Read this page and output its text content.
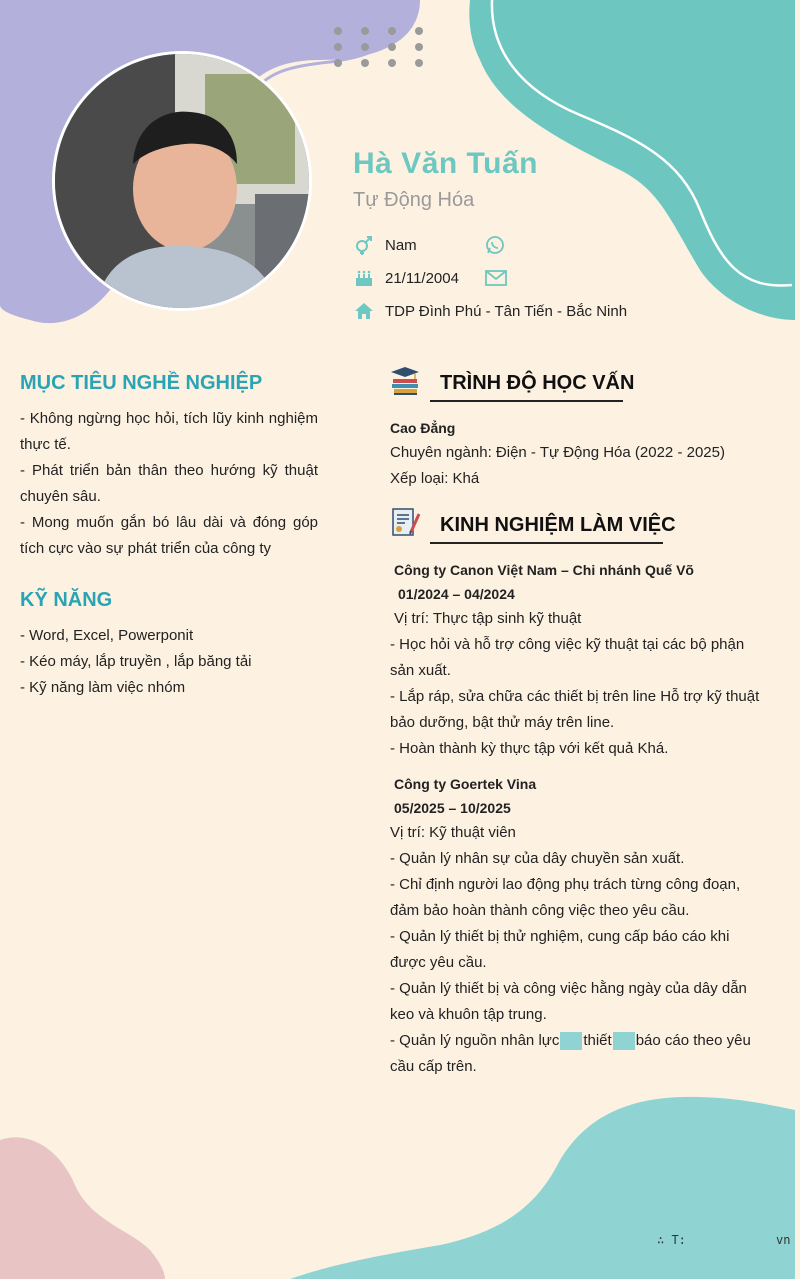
Hà Văn Tuấn
Tự Động Hóa
Nam
21/11/2004
TDP Đình Phú - Tân Tiến - Bắc Ninh
MỤC TIÊU NGHỀ NGHIỆP
- Không ngừng học hỏi, tích lũy kinh nghiệm thực tế.
- Phát triển bản thân theo hướng kỹ thuật chuyên sâu.
- Mong muốn gắn bó lâu dài và đóng góp tích cực vào sự phát triển của công ty
KỸ NĂNG
- Word, Excel, Powerponit
- Kéo máy, lắp truyền , lắp băng tải
- Kỹ năng làm việc nhóm
TRÌNH ĐỘ HỌC VẤN
Cao Đẳng
Chuyên ngành: Điện - Tự Động Hóa (2022 - 2025)
Xếp loại: Khá
KINH NGHIỆM LÀM VIỆC
Công ty Canon Việt Nam – Chi nhánh Quế Võ
01/2024 – 04/2024
Vị trí: Thực tập sinh kỹ thuật
- Học hỏi và hỗ trợ công việc kỹ thuật tại các bộ phận sản xuất.
- Lắp ráp, sửa chữa các thiết bị trên line Hỗ trợ kỹ thuật bảo dưỡng, bật thử máy trên line.
- Hoàn thành kỳ thực tập với kết quả Khá.
Công ty Goertek Vina
05/2025 – 10/2025
Vị trí: Kỹ thuật viên
- Quản lý nhân sự của dây chuyền sản xuất.
- Chỉ định người lao động phụ trách từng công đoạn, đảm bảo hoàn thành công việc theo yêu cầu.
- Quản lý thiết bị thử nghiệm, cung cấp báo cáo khi được yêu cầu.
- Quản lý thiết bị và công việc hằng ngày của dây dẫn keo và khuôn tập trung.
- Quản lý nguồn nhân lực thiết báo cáo theo yêu cầu cấp trên.
∴ T:	vn
